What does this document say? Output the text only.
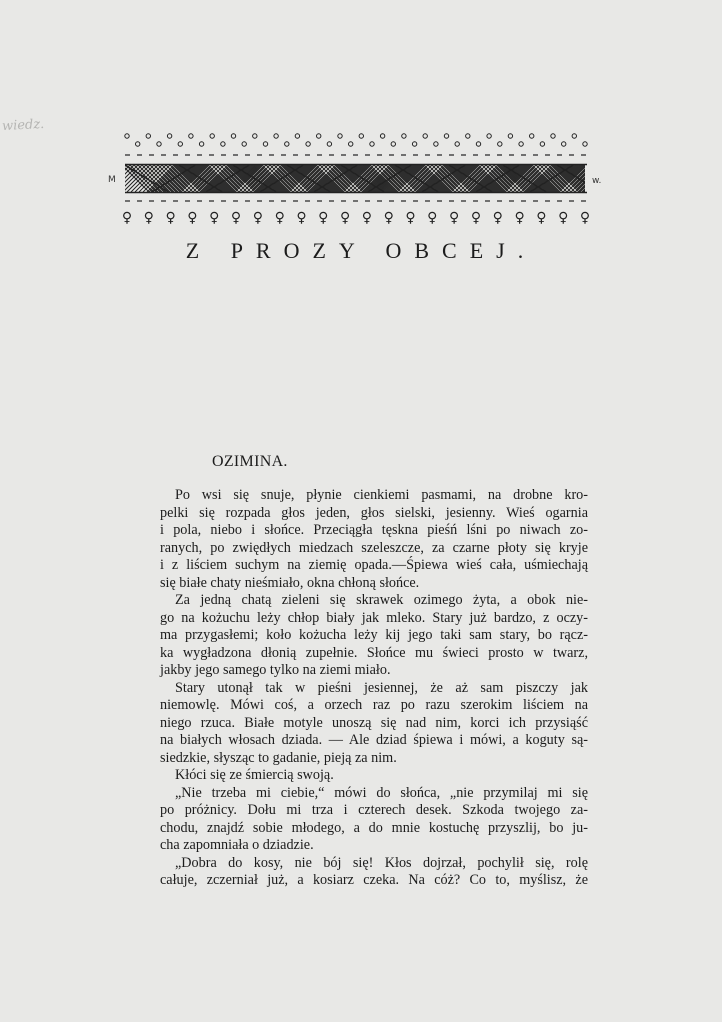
wiedz.
M	w.
♀ ♀ ♀ ♀ ♀ ♀ ♀ ♀ ♀ ♀ ♀ ♀ ♀ ♀ ♀ ♀ ♀ ♀ ♀ ♀ ♀ ♀
Z PROZY OBCEJ.
OZIMINA.
Po wsi się snuje, płynie cienkiemi pasmami, na drobne kro-
pelki się rozpada głos jeden, głos sielski, jesienny. Wieś ogarnia
i pola, niebo i słońce. Przeciągła tęskna pieśń lśni po niwach zo-
ranych, po zwiędłych miedzach szeleszcze, za czarne płoty się kryje
i z liściem suchym na ziemię opada.—Śpiewa wieś cała, uśmiechają
się białe chaty nieśmiało, okna chłoną słońce.
Za jedną chatą zieleni się skrawek ozimego żyta, a obok nie-
go na kożuchu leży chłop biały jak mleko. Stary już bardzo, z oczy-
ma przygasłemi; koło kożucha leży kij jego taki sam stary, bo rącz-
ka wygładzona dłonią zupełnie. Słońce mu świeci prosto w twarz,
jakby jego samego tylko na ziemi miało.
Stary utonął tak w pieśni jesiennej, że aż sam piszczy jak
niemowlę. Mówi coś, a orzech raz po razu szerokim liściem na
niego rzuca. Białe motyle unoszą się nad nim, korci ich przysiąść
na białych włosach dziada. — Ale dziad śpiewa i mówi, a koguty są-
siedzkie, słysząc to gadanie, pieją za nim.
Kłóci się ze śmiercią swoją.
„Nie trzeba mi ciebie,“ mówi do słońca, „nie przymilaj mi się
po próżnicy. Dołu mi trza i czterech desek. Szkoda twojego za-
chodu, znajdź sobie młodego, a do mnie kostuchę przyszlij, bo ju-
cha zapomniała o dziadzie.
„Dobra do kosy, nie bój się! Kłos dojrzał, pochylił się, rolę
całuje, zczerniał już, a kosiarz czeka. Na cóż? Co to, myślisz, że
